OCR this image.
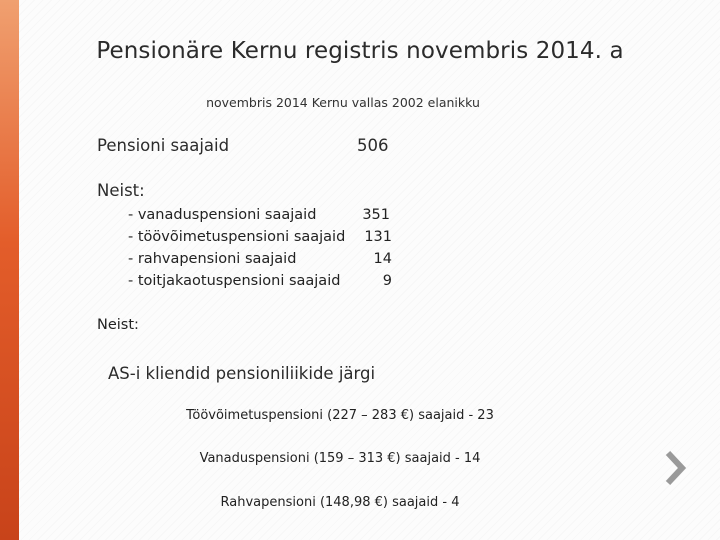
Pensionäre Kernu registris novembris 2014. a
novembris 2014 Kernu vallas 2002 elanikku
Pensioni saajaid	506
Neist:
- vanaduspensioni saajaid	351
- töövõimetuspensioni saajaid 131
- rahvapensioni saajaid	14
- toitjakaotuspensioni saajaid	9
Neist:
AS-i kliendid pensioniliikide järgi
Töövõimetuspensioni (227 – 283 €) saajaid - 23
Vanaduspensioni (159 – 313 €) saajaid - 14
Rahvapensioni (148,98 €) saajaid - 4
